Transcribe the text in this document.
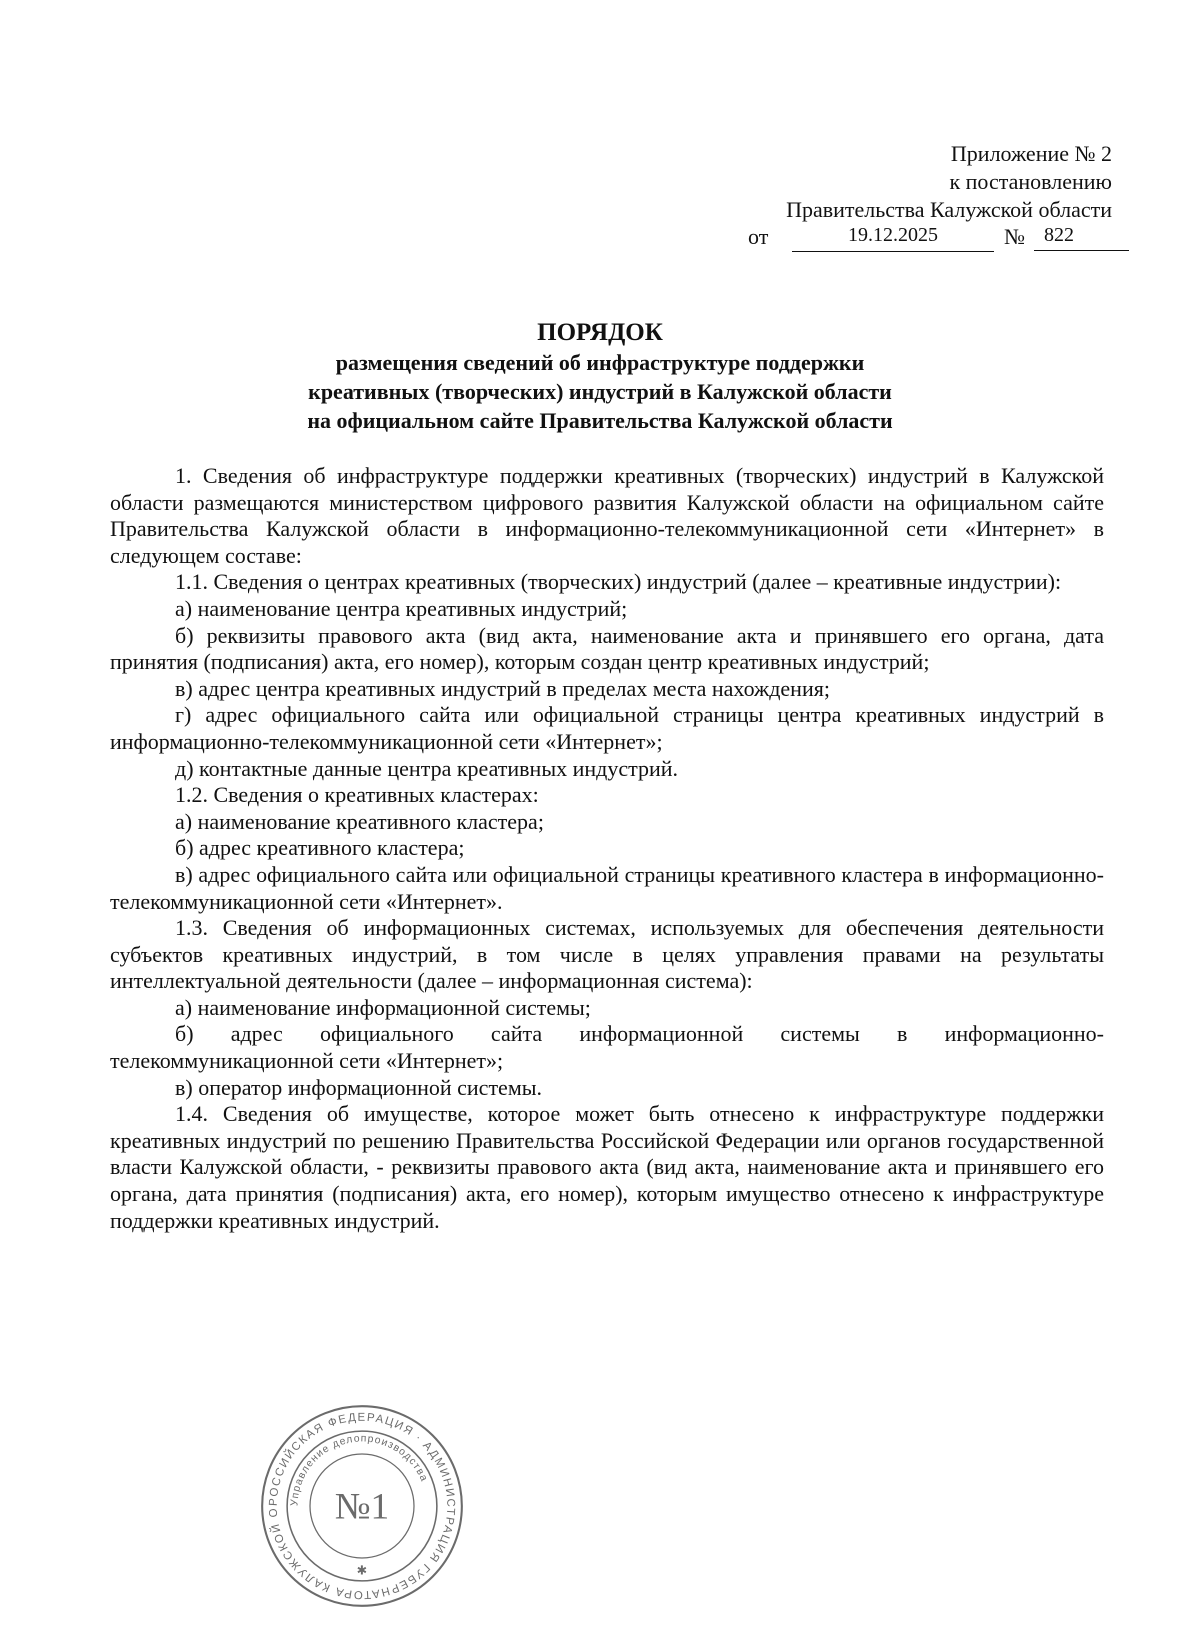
Приложение № 2
к постановлению
Правительства Калужской области
от	19.12.2025	№ 822
ПОРЯДОК
размещения сведений об инфраструктуре поддержки
креативных (творческих) индустрий в Калужской области
на официальном сайте Правительства Калужской области

1. Сведения об инфраструктуре поддержки креативных (творческих) индустрий в Калужской области размещаются министерством цифрового развития Калужской области на официальном сайте Правительства Калужской области в информационно-телекоммуникационной сети «Интернет» в следующем составе:

1.1. Сведения о центрах креативных (творческих) индустрий (далее – креативные индустрии):

а) наименование центра креативных индустрий;

б) реквизиты правового акта (вид акта, наименование акта и принявшего его органа, дата принятия (подписания) акта, его номер), которым создан центр креативных индустрий;

в) адрес центра креативных индустрий в пределах места нахождения;

г) адрес официального сайта или официальной страницы центра креативных индустрий в информационно-телекоммуникационной сети «Интернет»;

д) контактные данные центра креативных индустрий.

1.2. Сведения о креативных кластерах:

а) наименование креативного кластера;

б) адрес креативного кластера;

в) адрес официального сайта или официальной страницы креативного кластера в информационно-телекоммуникационной сети «Интернет».

1.3. Сведения об информационных системах, используемых для обеспечения деятельности субъектов креативных индустрий, в том числе в целях управления правами на результаты интеллектуальной деятельности (далее – информационная система):

а) наименование информационной системы;

б) адрес официального сайта информационной системы в информационно-телекоммуникационной сети «Интернет»;

в) оператор информационной системы.

1.4. Сведения об имуществе, которое может быть отнесено к инфраструктуре поддержки креативных индустрий по решению Правительства Российской Федерации или органов государственной власти Калужской области, - реквизиты правового акта (вид акта, наименование акта и принявшего его органа, дата принятия (подписания) акта, его номер), которым имущество отнесено к инфраструктуре поддержки креативных индустрий.

РОССИЙСКАЯ ФЕДЕРАЦИЯ · АДМИНИСТРАЦИЯ ГУБЕРНАТОРА КАЛУЖСКОЙ О
Управление делопроизводства
№1
✱
